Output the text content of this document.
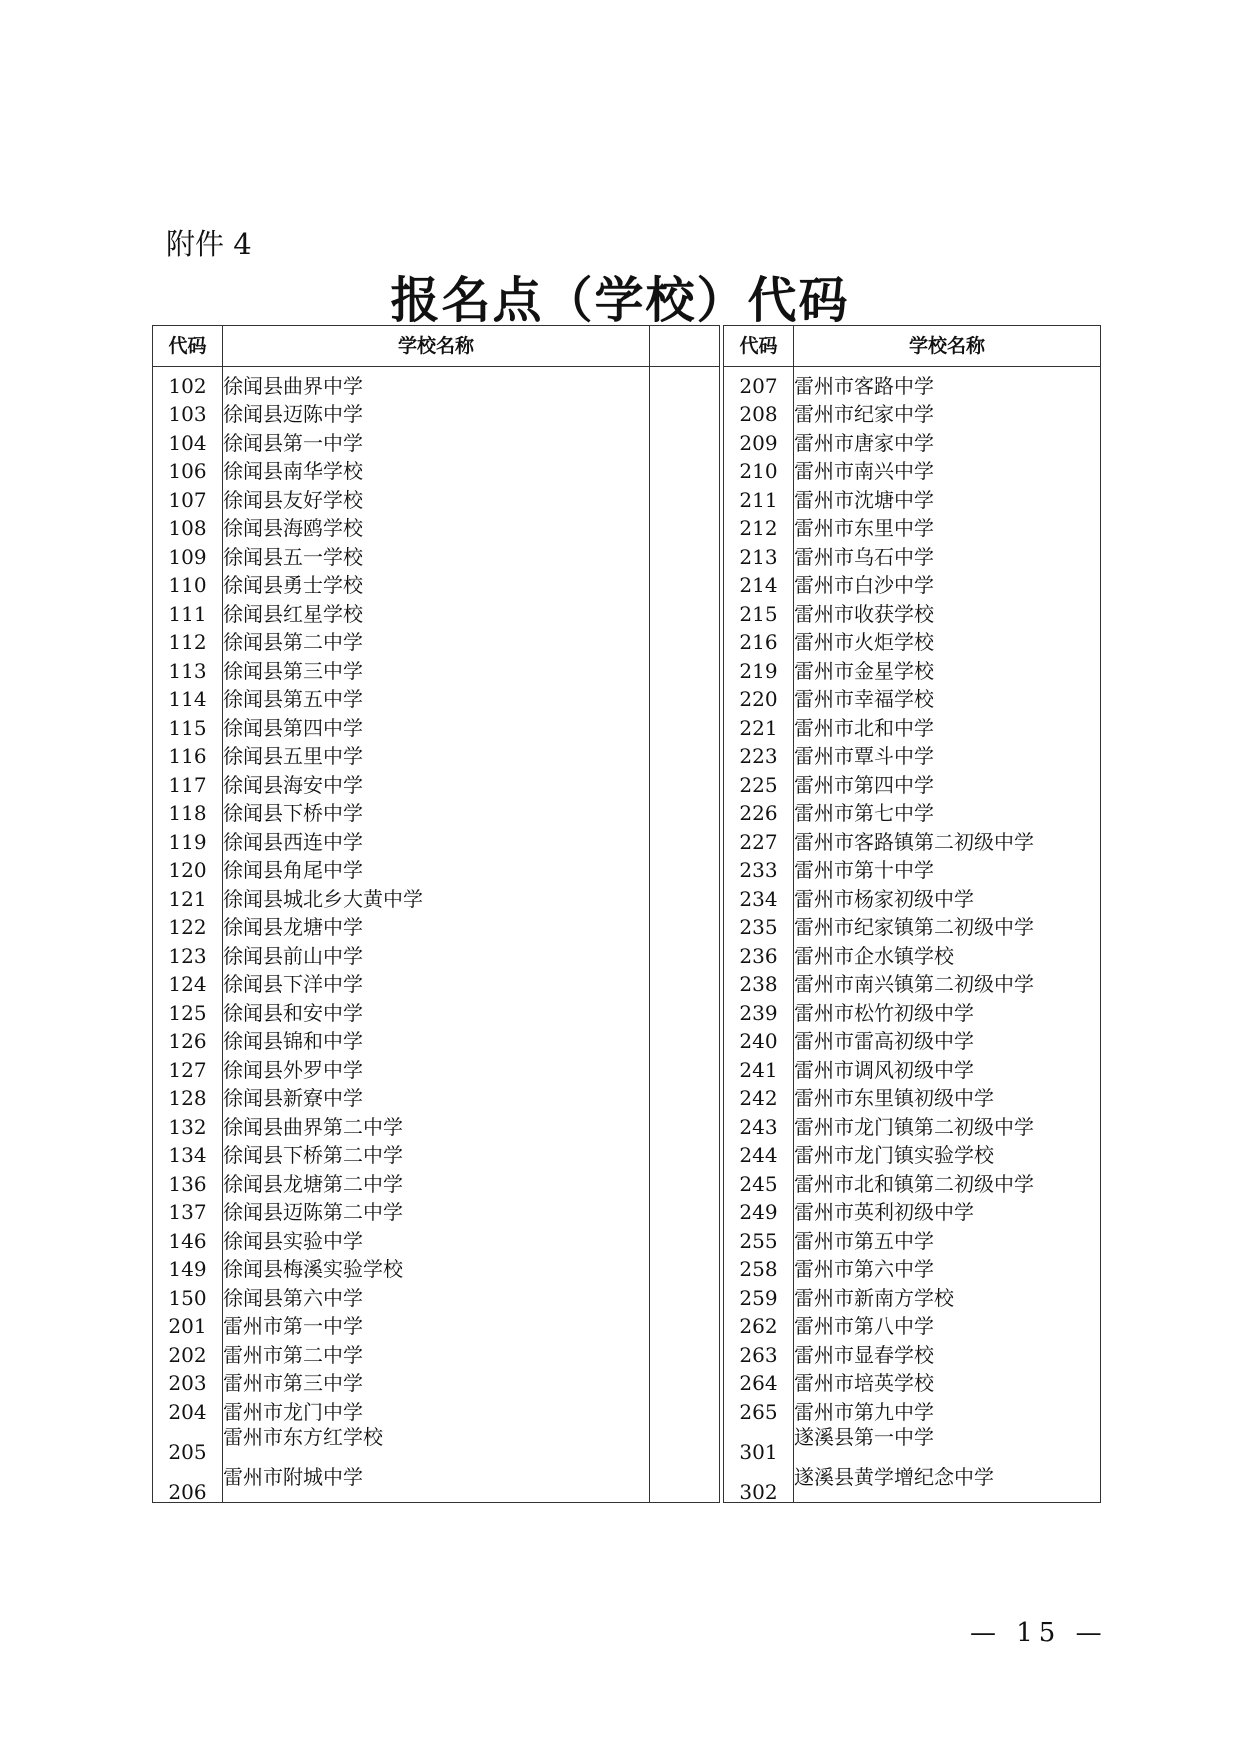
附件 4
报名点（学校）代码
代码	学校名称			代码	学校名称
102	徐闻县曲界中学			207	雷州市客路中学
103	徐闻县迈陈中学			208	雷州市纪家中学
104	徐闻县第一中学			209	雷州市唐家中学
106	徐闻县南华学校			210	雷州市南兴中学
107	徐闻县友好学校			211	雷州市沈塘中学
108	徐闻县海鸥学校			212	雷州市东里中学
109	徐闻县五一学校			213	雷州市乌石中学
110	徐闻县勇士学校			214	雷州市白沙中学
111	徐闻县红星学校			215	雷州市收获学校
112	徐闻县第二中学			216	雷州市火炬学校
113	徐闻县第三中学			219	雷州市金星学校
114	徐闻县第五中学			220	雷州市幸福学校
115	徐闻县第四中学			221	雷州市北和中学
116	徐闻县五里中学			223	雷州市覃斗中学
117	徐闻县海安中学			225	雷州市第四中学
118	徐闻县下桥中学			226	雷州市第七中学
119	徐闻县西连中学			227	雷州市客路镇第二初级中学
120	徐闻县角尾中学			233	雷州市第十中学
121	徐闻县城北乡大黄中学			234	雷州市杨家初级中学
122	徐闻县龙塘中学			235	雷州市纪家镇第二初级中学
123	徐闻县前山中学			236	雷州市企水镇学校
124	徐闻县下洋中学			238	雷州市南兴镇第二初级中学
125	徐闻县和安中学			239	雷州市松竹初级中学
126	徐闻县锦和中学			240	雷州市雷高初级中学
127	徐闻县外罗中学			241	雷州市调风初级中学
128	徐闻县新寮中学			242	雷州市东里镇初级中学
132	徐闻县曲界第二中学			243	雷州市龙门镇第二初级中学
134	徐闻县下桥第二中学			244	雷州市龙门镇实验学校
136	徐闻县龙塘第二中学			245	雷州市北和镇第二初级中学
137	徐闻县迈陈第二中学			249	雷州市英利初级中学
146	徐闻县实验中学			255	雷州市第五中学
149	徐闻县梅溪实验学校			258	雷州市第六中学
150	徐闻县第六中学			259	雷州市新南方学校
201	雷州市第一中学			262	雷州市第八中学
202	雷州市第二中学			263	雷州市显春学校
203	雷州市第三中学			264	雷州市培英学校
204	雷州市龙门中学			265	雷州市第九中学
205	雷州市东方红学校			301	遂溪县第一中学
206	雷州市附城中学			302	遂溪县黄学增纪念中学
— 15 —
